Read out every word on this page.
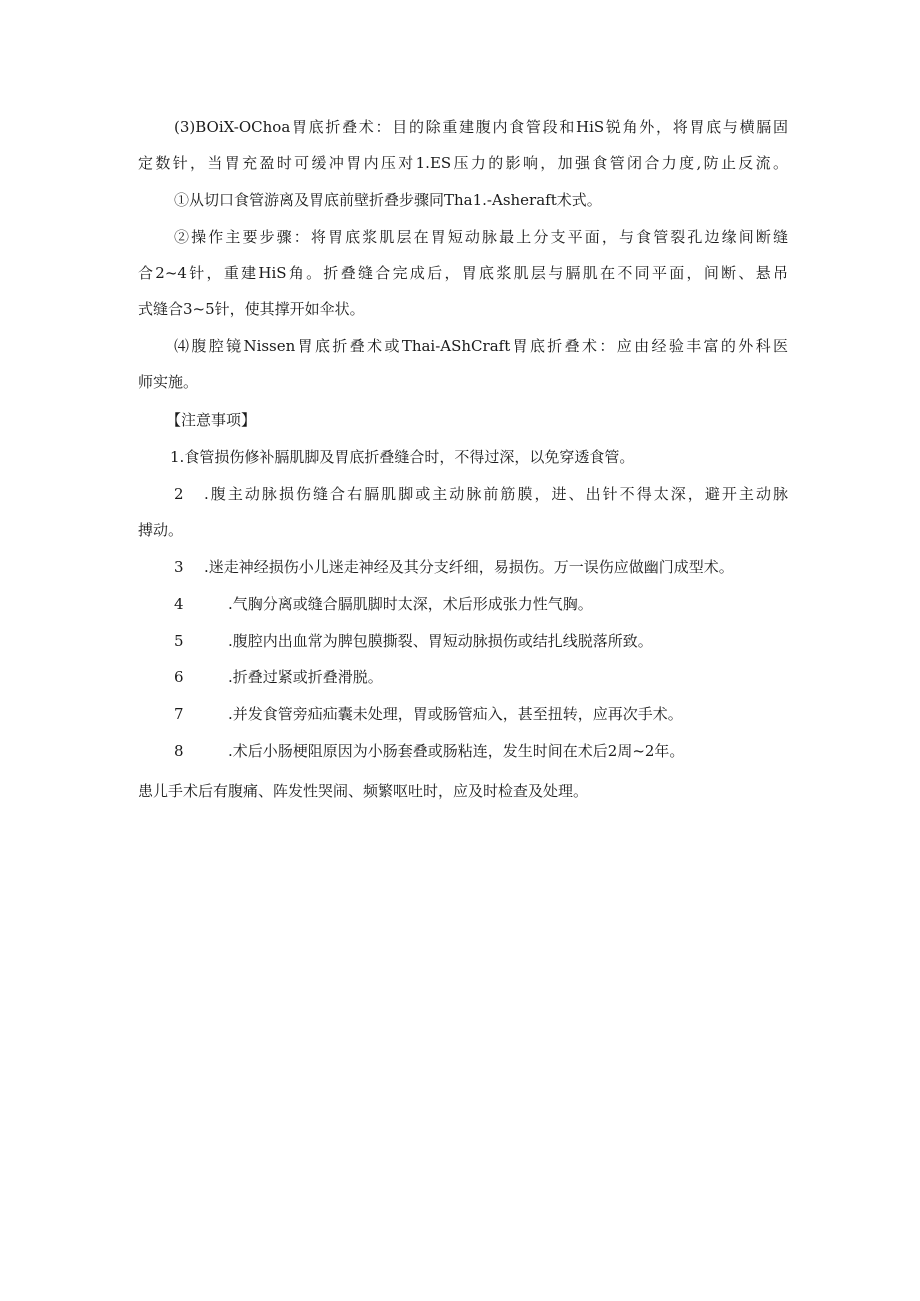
(3)BOiX-OChoa胃底折叠术：目的除重建腹内食管段和HiS锐角外，将胃底与横膈固
定数针，当胃充盈时可缓冲胃内压对1.ES压力的影响，加强食管闭合力度,防止反流。
①从切口食管游离及胃底前壁折叠步骤同Tha1.-Asheraft术式。
②操作主要步骤：将胃底浆肌层在胃短动脉最上分支平面，与食管裂孔边缘间断缝
合2~4针，重建HiS角。折叠缝合完成后，胃底浆肌层与膈肌在不同平面，间断、悬吊
式缝合3~5针，使其撑开如伞状。
⑷腹腔镜Nissen胃底折叠术或Thai-AShCraft胃底折叠术：应由经验丰富的外科医
师实施。
【注意事项】
1.食管损伤修补膈肌脚及胃底折叠缝合时，不得过深，以免穿透食管。
2 .腹主动脉损伤缝合右膈肌脚或主动脉前筋膜，进、出针不得太深，避开主动脉
搏动。
3 .迷走神经损伤小儿迷走神经及其分支纤细，易损伤。万一误伤应做幽门成型术。
4	.气胸分离或缝合膈肌脚时太深，术后形成张力性气胸。
5	.腹腔内出血常为脾包膜撕裂、胃短动脉损伤或结扎线脱落所致。
6	.折叠过紧或折叠滑脱。
7	.并发食管旁疝疝囊未处理，胃或肠管疝入，甚至扭转，应再次手术。
8	.术后小肠梗阻原因为小肠套叠或肠粘连，发生时间在术后2周~2年。
患儿手术后有腹痛、阵发性哭闹、频繁呕吐时，应及时检查及处理。
